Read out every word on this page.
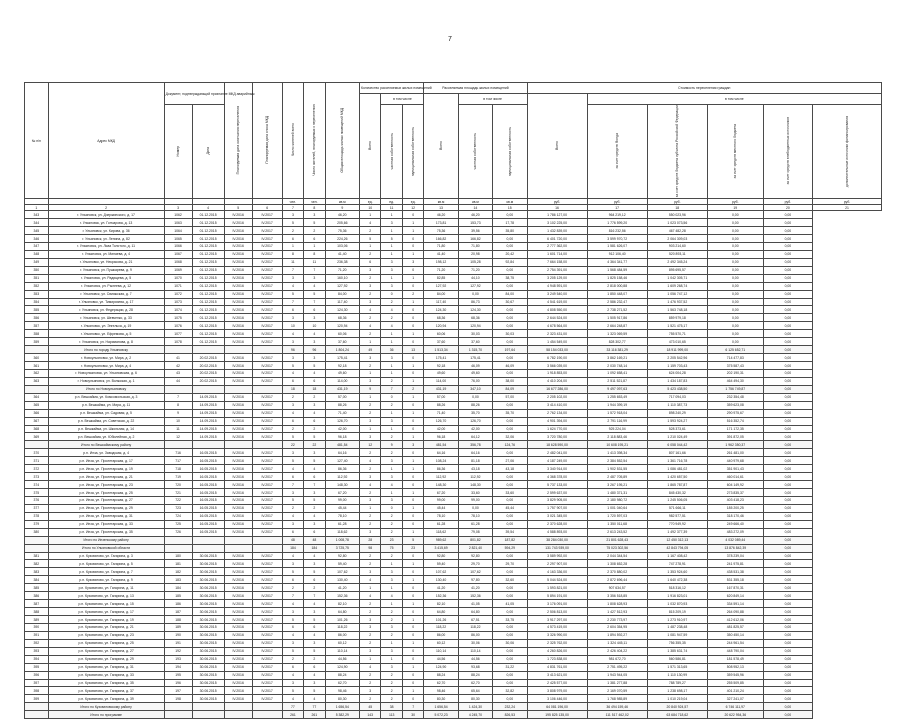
7
№ п/п	Адрес МКД	Документ, подтверждающий признание МКД аварийным		Планируемая дата окончания переселения	Планируемая дата сноса МКД	Число жителей всего	Число жителей, планируемых к переселению	Общая площадь жилых помещений МКД	Количество расселяемых жилых помещений			Расселяемая площадь жилых помещений			Стоимость переселения граждан					
									Всего	в том числе		Всего	в том числе		Всего	в том числе				
		Номер	Дата							частная собственность	муниципальная собственность		частная собственность	муниципальная собственность		за счет средств Фонда	за счет средств бюджета субъекта Российской Федерации	за счет средств местного бюджета	за счет средств внебюджетных источников	дополнительные источники финансирования
						чел.	чел.	кв.м	ед.	ед.	ед.	кв.м	кв.м	кв.м	руб.	руб.	руб.	руб.	руб.	руб.
1	2	3	4	5	6	7	8	9	10	11	12	13	14	15	16	17	18	19	20	21
343	г. Ульяновск, ул. Дзержинского, д. 17	1062	01.12.2015	IV.2016	IV.2017	3	3	46,20	1	1	0	46,20	46,20	0,00	1 786 127,00	964 219,12	550 023,96	0,00	0,00	
344	г. Ульяновск, ул. Гончарова, д. 13	1063	01.12.2015	IV.2016	IV.2017	5	5	205,66	4	3	1	173,81	153,73	17,78	3 102 225,00	1 776 599,20	1 023 073,56	0,00	0,00	
345	г. Ульяновск, ул. Кирова, д. 36	1064	01.12.2015	IV.2016	IV.2017	2	2	75,36	2	1	1	75,36	39,56	35,80	1 432 839,00	816 232,56	467 482,28	0,00	0,00	
346	г. Ульяновск, ул. Ленина, д. 82	1065	01.12.2015	IV.2016	IV.2017	6	6	224,26	5	5	0	166,82	166,82	0,00	6 401 720,00	3 599 970,72	2 064 309,03	0,00	0,00	
347	г. Ульяновск, ул. Льва Толстого, д. 11	1066	01.12.2015	IV.2016	IV.2017	1	1	103,06	1	1	0	71,80	71,80	0,00	2 777 362,00	1 581 626,07	903 214,60	0,00	0,00	
348	г. Ульяновск, ул. Минаева, д. 4	1067	01.12.2015	IV.2016	IV.2017	8	8	41,40	2	1	1	41,40	20,98	20,42	1 601 714,00	912 106,40	520 893,11	0,00	0,00	
349	г. Ульяновск, ул. Некрасова, д. 21	1068	01.12.2015	IV.2016	IV.2017	11	11	236,38	6	3	3	198,12	105,28	92,84	7 664 158,00	4 364 341,77	2 492 345,24	0,00	0,00	
350	г. Ульяновск, ул. Пушкарева, д. 9	1069	01.12.2015	IV.2016	IV.2017	7	7	71,20	3	3	0	71,20	71,20	0,00	2 754 391,00	1 568 484,59	895 695,57	0,00	0,00	
351	г. Ульяновск, ул. Радищева, д. 5	1070	01.12.2015	IV.2016	IV.2017	3	3	160,10	2	1	1	82,85	44,10	38,75	3 205 129,00	1 825 158,46	1 042 305,71	0,00	0,00	
352	г. Ульяновск, ул. Рылеева, д. 12	1071	01.12.2015	IV.2016	IV.2017	4	4	127,92	3	3	0	127,92	127,92	0,00	4 948 591,00	2 818 000,88	1 609 268,74	0,00	0,00	
353	г. Ульяновск, ул. Свияжская, д. 7	1072	01.12.2015	IV.2016	IV.2017	5	5	84,00	2	0	2	84,00	0,00	84,00	3 249 540,00	1 850 448,07	1 056 747,12	0,00	0,00	
354	г. Ульяновск, ул. Тимирязева, д. 17	1073	01.12.2015	IV.2016	IV.2017	7	7	117,40	3	2	1	117,40	86,73	30,67	4 541 619,00	2 586 232,47	1 476 937,52	0,00	0,00	
355	г. Ульяновск, ул. Федерации, д. 28	1074	01.12.2015	IV.2016	IV.2017	6	6	124,30	4	4	0	124,30	124,30	0,00	4 808 550,00	2 738 271,52	1 563 748,18	0,00	0,00	
356	г. Ульяновск, ул. Шевченко, д. 33	1075	01.12.2015	IV.2016	IV.2017	3	3	68,36	2	2	0	68,36	68,36	0,00	2 644 524,00	1 505 917,86	859 979,18	0,00	0,00	
357	г. Ульяновск, ул. Энгельса, д. 19	1076	01.12.2015	IV.2016	IV.2017	10	10	120,94	4	4	0	120,94	120,94	0,00	4 678 564,00	2 664 248,87	1 521 475,17	0,00	0,00	
358	г. Ульяновск, ул. Ефремова, д. 5	1077	01.12.2015	IV.2016	IV.2017	4	4	60,06	2	1	1	60,06	30,03	30,03	2 323 431,00	1 323 069,59	755 570,71	0,00	0,00	
359	г. Ульяновск, ул. Нариманова, д. 8	1078	01.12.2015	IV.2016	IV.2017	3	3	37,60	1	1	0	37,60	37,60	0,00	1 454 549,00	828 302,77	473 010,65	0,00	0,00	
	Итого по городу Ульяновску					96	96	1 804,24	49	36	13	1 513,34	1 315,70	197,64	58 154 033,00	33 116 381,29	18 911 999,00	6 125 652,71	0,00	
360	г. Новоульяновск, ул. Мира, д. 2	41	20.02.2015	IV.2016	IV.2017	3	3	175,41	3	3	0	175,41	175,41	0,00	6 782 190,00	3 862 169,21	2 205 542,96	714 477,83	0,00	
361	г. Новоульяновск, ул. Мира, д. 4	42	20.02.2015	IV.2016	IV.2017	5	5	92,18	2	1	1	92,18	46,09	46,09	3 566 039,00	2 030 748,14	1 159 703,43	375 587,43	0,00	
362	г. Новоульяновск, ул. Ульяновская, д. 6	43	20.02.2015	IV.2016	IV.2017	4	4	49,60	1	1	0	49,60	49,60	0,00	1 918 853,00	1 092 658,41	624 004,28	202 190,31	0,00	
363	г. Новоульяновск, ул. Волжская, д. 1	44	20.02.2015	IV.2016	IV.2017	6	6	114,00	3	2	1	114,00	76,00	38,00	4 410 204,00	2 511 521,87	1 434 187,83	464 494,30	0,00	
	Итого по Новоульяновску					18	18	431,19	9	7	2	431,19	347,10	84,09	16 677 286,00	9 497 097,63	5 423 438,50	1 756 749,87	0,00	
364	р.п. Вешкайма, ул. Комсомольская, д. 3	7	14.09.2015	IV.2016	IV.2017	2	2	57,00	1	0	1	57,00	0,00	57,00	2 205 102,00	1 255 653,49	717 094,03	232 354,48	0,00	
365	р.п. Вешкайма, ул. Мира, д. 11	8	14.09.2015	IV.2016	IV.2017	3	3	88,26	2	2	0	88,26	88,26	0,00	3 414 410,00	1 944 399,19	1 110 387,73	359 623,08	0,00	
366	р.п. Вешкайма, ул. Садовая, д. 5	9	14.09.2015	IV.2016	IV.2017	4	4	71,40	2	1	1	71,40	35,70	35,70	2 762 134,00	1 572 918,04	898 240,29	290 975,67	0,00	
367	р.п. Вешкайма, ул. Советская, д. 22	10	14.09.2015	IV.2016	IV.2017	6	6	126,70	3	3	0	126,70	126,70	0,00	4 901 394,00	2 791 116,99	1 593 924,27	516 352,74	0,00	
368	р.п. Вешкайма, ул. Школьная, д. 14	11	14.09.2015	IV.2016	IV.2017	2	2	42,00	1	1	0	42,00	42,00	0,00	1 624 770,00	925 224,04	528 373,61	171 172,35	0,00	
369	р.п. Вешкайма, ул. Юбилейная, д. 2	12	14.09.2015	IV.2016	IV.2017	5	5	96,18	3	2	1	96,18	64,12	32,06	3 720 780,00	2 118 883,46	1 210 024,49	391 872,05	0,00	
	Итого по Вешкаймскому району					22	22	481,54	12	9	3	481,54	356,78	124,76	18 628 590,00	10 608 195,21	6 058 044,42	1 962 350,37	0,00	
370	р.п. Инза, ул. Заводская, д. 4	716	16.05.2015	IV.2016	IV.2017	3	3	64,16	2	2	0	64,16	64,16	0,00	2 482 041,00	1 413 398,34	807 161,66	261 481,00	0,00	
371	р.п. Инза, ул. Пролетарская, д. 17	717	16.05.2015	IV.2016	IV.2017	5	5	127,40	4	3	1	108,24	81,18	27,06	4 187 249,00	2 384 552,54	1 361 716,78	440 979,68	0,00	
372	р.п. Инза, ул. Пролетарская, д. 19	718	16.05.2015	IV.2016	IV.2017	4	4	86,36	2	1	1	86,36	43,18	43,18	3 340 914,00	1 902 531,55	1 086 481,02	351 901,43	0,00	
373	р.п. Инза, ул. Пролетарская, д. 21	719	16.05.2015	IV.2016	IV.2017	6	6	112,92	3	3	0	112,92	112,92	0,00	4 368 378,00	2 487 705,89	1 420 657,50	460 014,61	0,00	
374	р.п. Инза, ул. Пролетарская, д. 23	720	16.05.2015	IV.2016	IV.2017	7	7	148,30	4	4	0	148,30	148,30	0,00	5 737 133,00	3 267 195,21	1 865 787,87	604 149,92	0,00	
375	р.п. Инза, ул. Пролетарская, д. 25	721	16.05.2015	IV.2016	IV.2017	3	3	67,20	2	1	1	67,20	33,60	33,60	2 599 637,00	1 480 371,31	845 430,32	273 835,37	0,00	
376	р.п. Инза, ул. Пролетарская, д. 27	722	16.05.2015	IV.2016	IV.2017	5	5	99,00	3	3	0	99,00	99,00	0,00	3 829 905,00	2 180 980,72	1 245 506,05	403 418,23	0,00	
377	р.п. Инза, ул. Пролетарская, д. 29	723	16.05.2015	IV.2016	IV.2017	2	2	45,44	1	0	1	45,44	0,00	45,44	1 757 907,00	1 001 040,64	571 666,11	185 200,25	0,00	
378	р.п. Инза, ул. Пролетарская, д. 31	724	16.05.2015	IV.2016	IV.2017	4	4	78,10	2	2	0	78,10	78,10	0,00	3 021 345,00	1 720 597,03	982 577,51	318 170,46	0,00	
379	р.п. Инза, ул. Пролетарская, д. 33	725	16.05.2015	IV.2016	IV.2017	3	3	61,28	2	2	0	61,28	61,28	0,00	2 370 628,00	1 350 011,68	770 949,92	249 666,40	0,00	
380	р.п. Инза, ул. Пролетарская, д. 35	726	16.05.2015	IV.2016	IV.2017	6	6	118,62	3	2	1	118,62	79,08	39,54	4 588 893,00	2 613 243,52	1 492 377,39	483 272,09	0,00	
	Итого по Инзенскому району					48	48	1 008,78	28	23	5	989,62	801,82	187,82	38 284 030,00	21 801 628,43	12 450 312,13	4 032 089,44	0,00	
	Итого по Ульяновской области					184	184	3 725,75	98	75	23	3 415,69	2 821,40	594,29	131 743 939,00	75 023 302,56	42 843 794,05	13 876 842,39	0,00	
381	р.п. Кузоватово, ул. Гагарина, д. 3	180	30.06.2015	IV.2016	IV.2017	4	4	92,80	2	2	0	92,80	92,80	0,00	3 589 992,00	2 044 344,54	1 167 408,42	378 239,04	0,00	
382	р.п. Кузоватово, ул. Гагарина, д. 5	181	30.06.2015	IV.2016	IV.2017	3	3	59,40	2	1	1	59,40	29,70	29,70	2 297 907,00	1 308 652,28	747 278,91	241 975,81	0,00	
383	р.п. Кузоватово, ул. Гагарина, д. 7	182	30.06.2015	IV.2016	IV.2017	5	5	107,62	3	3	0	107,62	107,62	0,00	4 163 336,00	2 370 880,02	1 353 924,60	438 531,38	0,00	
384	р.п. Кузоватово, ул. Гагарина, д. 9	183	30.06.2015	IV.2016	IV.2017	6	6	130,40	4	3	1	130,40	97,80	32,60	5 044 524,00	2 872 696,44	1 640 472,38	531 355,18	0,00	
385	р.п. Кузоватово, ул. Гагарина, д. 11	184	30.06.2015	IV.2016	IV.2017	2	2	41,20	1	1	0	41,20	41,20	0,00	1 593 821,00	907 634,57	518 316,12	167 870,31	0,00	
386	р.п. Кузоватово, ул. Гагарина, д. 13	185	30.06.2015	IV.2016	IV.2017	7	7	152,36	4	4	0	152,36	152,36	0,00	5 894 191,00	3 356 518,85	1 916 823,01	620 849,14	0,00	
387	р.п. Кузоватово, ул. Гагарина, д. 15	186	30.06.2015	IV.2016	IV.2017	4	4	82,10	2	1	1	82,10	41,05	41,05	3 176 091,00	1 808 628,93	1 032 870,93	334 591,14	0,00	
388	р.п. Кузоватово, ул. Гагарина, д. 17	187	30.06.2015	IV.2016	IV.2017	3	3	64,80	2	2	0	64,80	64,80	0,00	2 506 813,00	1 427 512,93	815 209,19	264 090,88	0,00	
389	р.п. Кузоватово, ул. Гагарина, д. 19	188	30.06.2015	IV.2016	IV.2017	5	5	101,26	3	2	1	101,26	67,51	33,75	3 917 297,00	2 230 773,97	1 273 910,97	412 612,06	0,00	
390	р.п. Кузоватово, ул. Гагарина, д. 21	189	30.06.2015	IV.2016	IV.2017	6	6	118,22	3	3	0	118,22	118,22	0,00	4 573 419,00	2 604 354,95	1 487 238,48	481 825,57	0,00	
391	р.п. Кузоватово, ул. Гагарина, д. 23	190	30.06.2015	IV.2016	IV.2017	4	4	86,00	2	2	0	86,00	86,00	0,00	3 326 990,00	1 894 592,27	1 081 947,59	350 450,14	0,00	
392	р.п. Кузоватово, ул. Гагарина, д. 25	191	30.06.2015	IV.2016	IV.2017	3	3	60,12	2	1	1	60,12	30,06	30,06	2 325 762,00	1 324 445,11	756 355,35	244 961,54	0,00	
393	р.п. Кузоватово, ул. Гагарина, д. 27	192	30.06.2015	IV.2016	IV.2017	5	5	110,14	3	3	0	110,14	110,14	0,00	4 260 826,00	2 426 404,22	1 385 631,74	448 790,04	0,00	
394	р.п. Кузоватово, ул. Гагарина, д. 29	193	30.06.2015	IV.2016	IV.2017	2	2	44,56	1	1	0	44,56	44,56	0,00	1 723 838,00	981 672,70	560 586,81	181 578,49	0,00	
395	р.п. Кузоватово, ул. Гагарина, д. 31	194	30.06.2015	IV.2016	IV.2017	6	6	124,90	4	3	1	124,90	93,68	31,22	4 831 761,00	2 751 495,22	1 571 313,65	508 952,13	0,00	
396	р.п. Кузоватово, ул. Гагарина, д. 33	195	30.06.2015	IV.2016	IV.2017	4	4	88,24	2	2	0	88,24	88,24	0,00	3 413 621,00	1 943 944,05	1 110 130,99	359 545,96	0,00	
397	р.п. Кузоватово, ул. Гагарина, д. 35	196	30.06.2015	IV.2016	IV.2017	3	3	62,70	2	2	0	62,70	62,70	0,00	2 425 577,00	1 381 277,88	788 789,27	255 509,85	0,00	
398	р.п. Кузоватово, ул. Гагарина, д. 37	197	30.06.2015	IV.2016	IV.2017	5	5	98,46	3	2	1	98,46	65,64	32,82	3 808 979,00	2 169 070,59	1 238 698,17	401 210,24	0,00	
399	р.п. Кузоватово, ул. Гагарина, д. 39	198	30.06.2015	IV.2016	IV.2017	4	4	80,30	2	2	0	80,30	80,30	0,00	3 106 446,00	1 768 985,89	1 010 219,04	327 241,07	0,00	
	Итого по Кузоватовскому району					77	77	1 656,54	45	38	7	1 656,54	1 424,30	232,24	64 081 196,00	36 494 159,46	20 840 924,57	6 746 111,97	0,00	
	Итого по программе					261	261	5 382,29	143	113	30	5 072,23	4 245,70	826,53	195 825 135,00	111 517 462,02	63 684 718,62	20 622 954,36	0,00	
